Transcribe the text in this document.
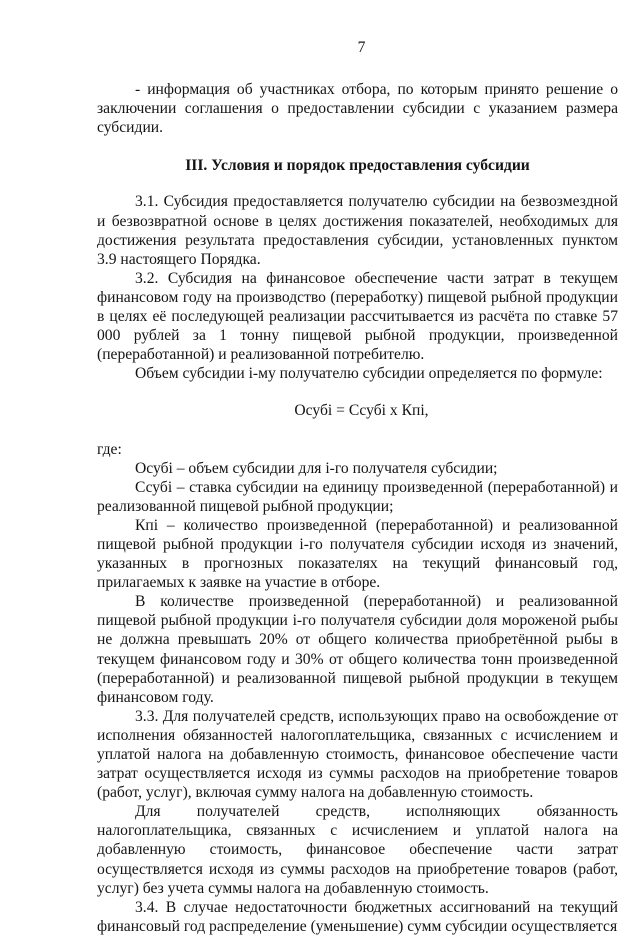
7

- информация об участниках отбора, по которым принято решение о заключении соглашения о предоставлении субсидии с указанием размера субсидии.

III. Условия и порядок предоставления субсидии

3.1. Субсидия предоставляется получателю субсидии на безвозмездной и безвозвратной основе в целях достижения показателей, необходимых для достижения результата предоставления субсидии, установленных пунктом 3.9 настоящего Порядка.

3.2. Субсидия на финансовое обеспечение части затрат в текущем финансовом году на производство (переработку) пищевой рыбной продукции в целях её последующей реализации рассчитывается из расчёта по ставке 57 000 рублей за 1 тонну пищевой рыбной продукции, произведенной (переработанной) и реализованной потребителю.

Объем субсидии i-му получателю субсидии определяется по формуле:

Осубі = Ссубі x Кпі,

где:

Осубі – объем субсидии для i-го получателя субсидии;

Ссубі – ставка субсидии на единицу произведенной (переработанной) и реализованной пищевой рыбной продукции;

Кпі – количество произведенной (переработанной) и реализованной пищевой рыбной продукции i-го получателя субсидии исходя из значений, указанных в прогнозных показателях на текущий финансовый год, прилагаемых к заявке на участие в отборе.

В количестве произведенной (переработанной) и реализованной пищевой рыбной продукции i-го получателя субсидии доля мороженой рыбы не должна превышать 20% от общего количества приобретённой рыбы в текущем финансовом году и 30% от общего количества тонн произведенной (переработанной) и реализованной пищевой рыбной продукции в текущем финансовом году.

3.3. Для получателей средств, использующих право на освобождение от исполнения обязанностей налогоплательщика, связанных с исчислением и уплатой налога на добавленную стоимость, финансовое обеспечение части затрат осуществляется исходя из суммы расходов на приобретение товаров (работ, услуг), включая сумму налога на добавленную стоимость.

Для получателей средств, исполняющих обязанность налогоплательщика, связанных с исчислением и уплатой налога на добавленную стоимость, финансовое обеспечение части затрат осуществляется исходя из суммы расходов на приобретение товаров (работ, услуг) без учета суммы налога на добавленную стоимость.

3.4. В случае недостаточности бюджетных ассигнований на текущий финансовый год распределение (уменьшение) сумм субсидии осуществляется
